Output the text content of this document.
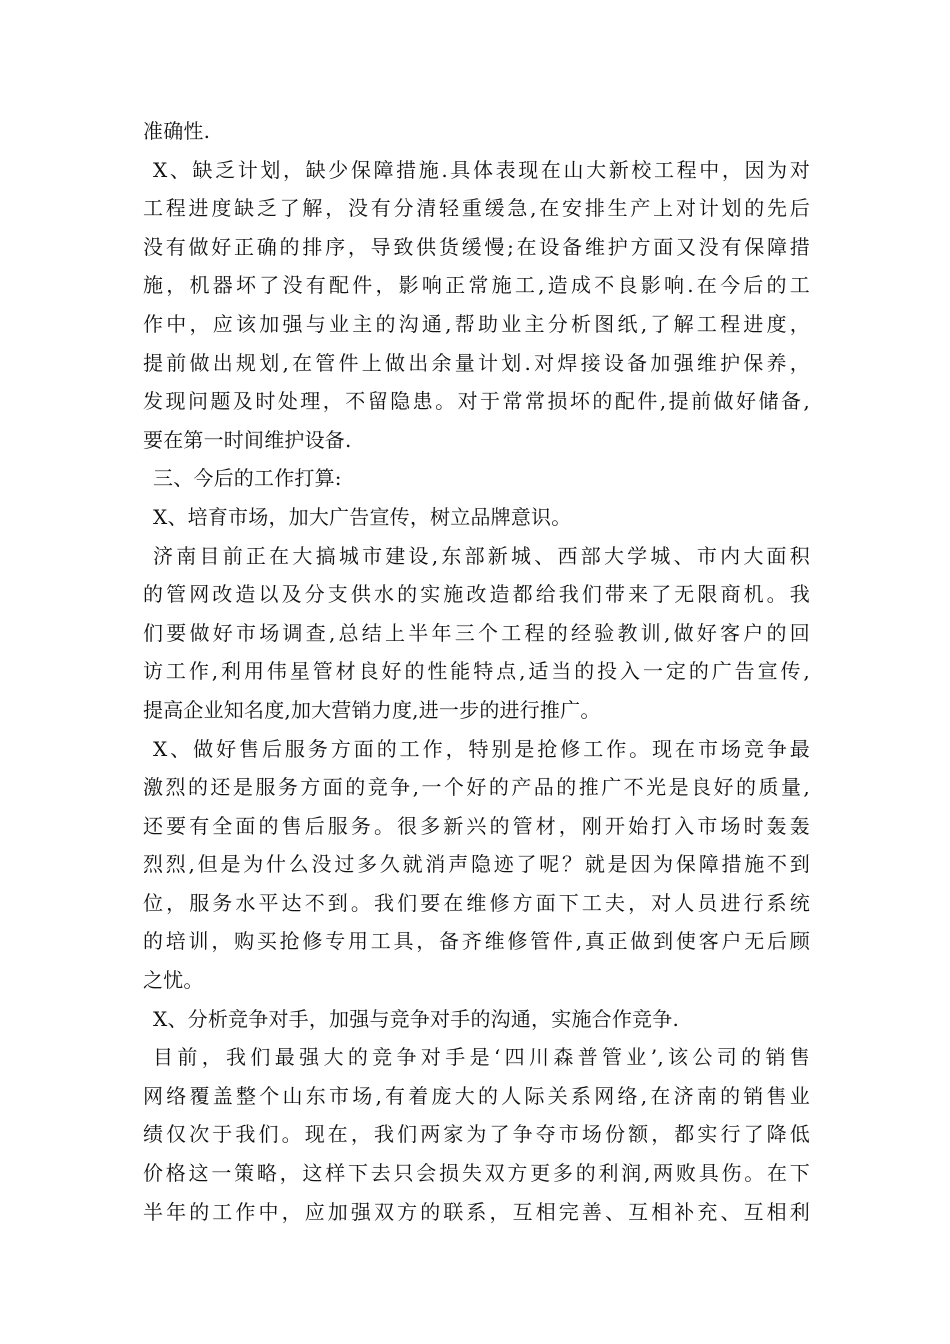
准确性.
X、缺乏计划，缺少保障措施.具体表现在山大新校工程中，因为对
工程进度缺乏了解，没有分清轻重缓急,在安排生产上对计划的先后
没有做好正确的排序，导致供货缓慢;在设备维护方面又没有保障措
施，机器坏了没有配件，影响正常施工,造成不良影响.在今后的工
作中，应该加强与业主的沟通,帮助业主分析图纸,了解工程进度，
提前做出规划,在管件上做出余量计划.对焊接设备加强维护保养，
发现问题及时处理，不留隐患。对于常常损坏的配件,提前做好储备,
要在第一时间维护设备.
三、今后的工作打算:
X、培育市场，加大广告宣传，树立品牌意识。
济南目前正在大搞城市建设,东部新城、西部大学城、市内大面积
的管网改造以及分支供水的实施改造都给我们带来了无限商机。我
们要做好市场调查,总结上半年三个工程的经验教训,做好客户的回
访工作,利用伟星管材良好的性能特点,适当的投入一定的广告宣传,
提高企业知名度,加大营销力度,进一步的进行推广。
X、做好售后服务方面的工作，特别是抢修工作。现在市场竞争最
激烈的还是服务方面的竞争,一个好的产品的推广不光是良好的质量,
还要有全面的售后服务。很多新兴的管材，刚开始打入市场时轰轰
烈烈,但是为什么没过多久就消声隐迹了呢？就是因为保障措施不到
位，服务水平达不到。我们要在维修方面下工夫，对人员进行系统
的培训，购买抢修专用工具，备齐维修管件,真正做到使客户无后顾
之忧。
X、分析竞争对手，加强与竞争对手的沟通，实施合作竞争.
目前，我们最强大的竞争对手是‘四川森普管业’,该公司的销售
网络覆盖整个山东市场,有着庞大的人际关系网络,在济南的销售业
绩仅次于我们。现在，我们两家为了争夺市场份额，都实行了降低
价格这一策略，这样下去只会损失双方更多的利润,两败具伤。在下
半年的工作中，应加强双方的联系，互相完善、互相补充、互相利
